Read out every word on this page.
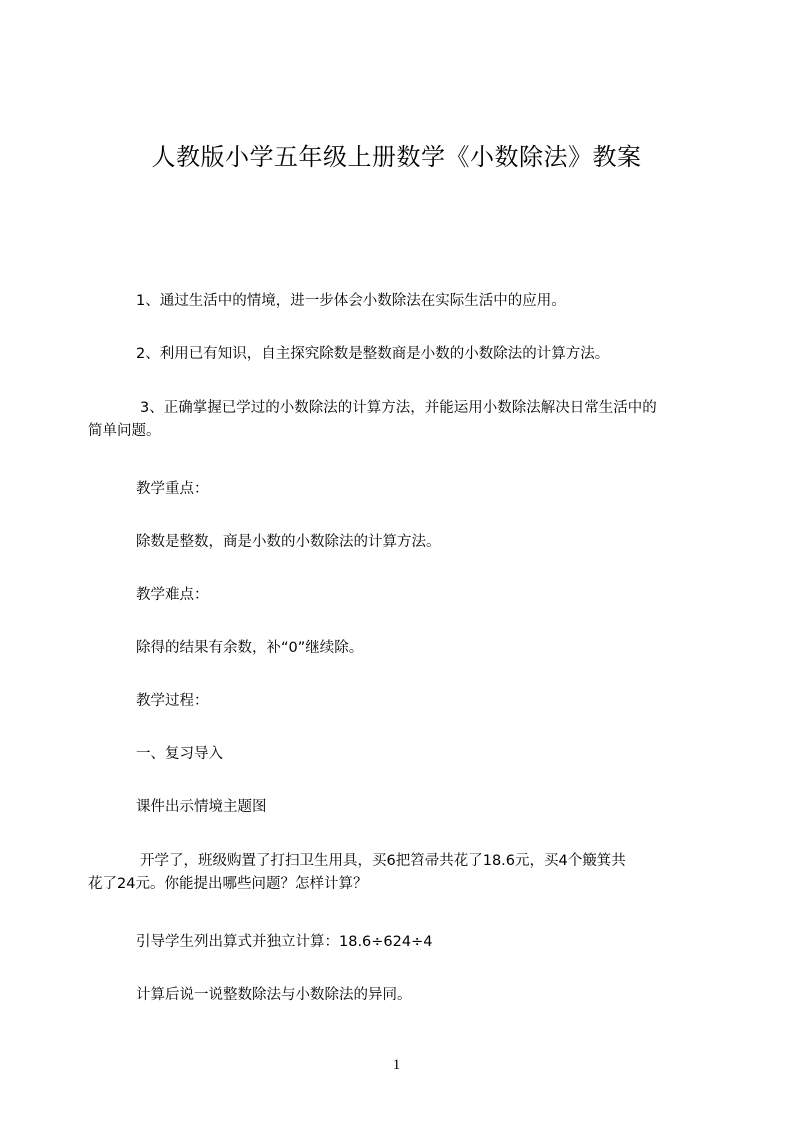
人教版小学五年级上册数学《小数除法》教案
1、通过生活中的情境，进一步体会小数除法在实际生活中的应用。
2、利用已有知识，自主探究除数是整数商是小数的小数除法的计算方法。
3、正确掌握已学过的小数除法的计算方法，并能运用小数除法解决日常生活中的
简单问题。
教学重点：
除数是整数，商是小数的小数除法的计算方法。
教学难点：
除得的结果有余数，补“0”继续除。
教学过程：
一、复习导入
课件出示情境主题图
开学了，班级购置了打扫卫生用具，买6把笤帚共花了18.6元，买4个簸箕共
花了24元。你能提出哪些问题？怎样计算？
引导学生列出算式并独立计算：18.6÷624÷4
计算后说一说整数除法与小数除法的异同。
1
